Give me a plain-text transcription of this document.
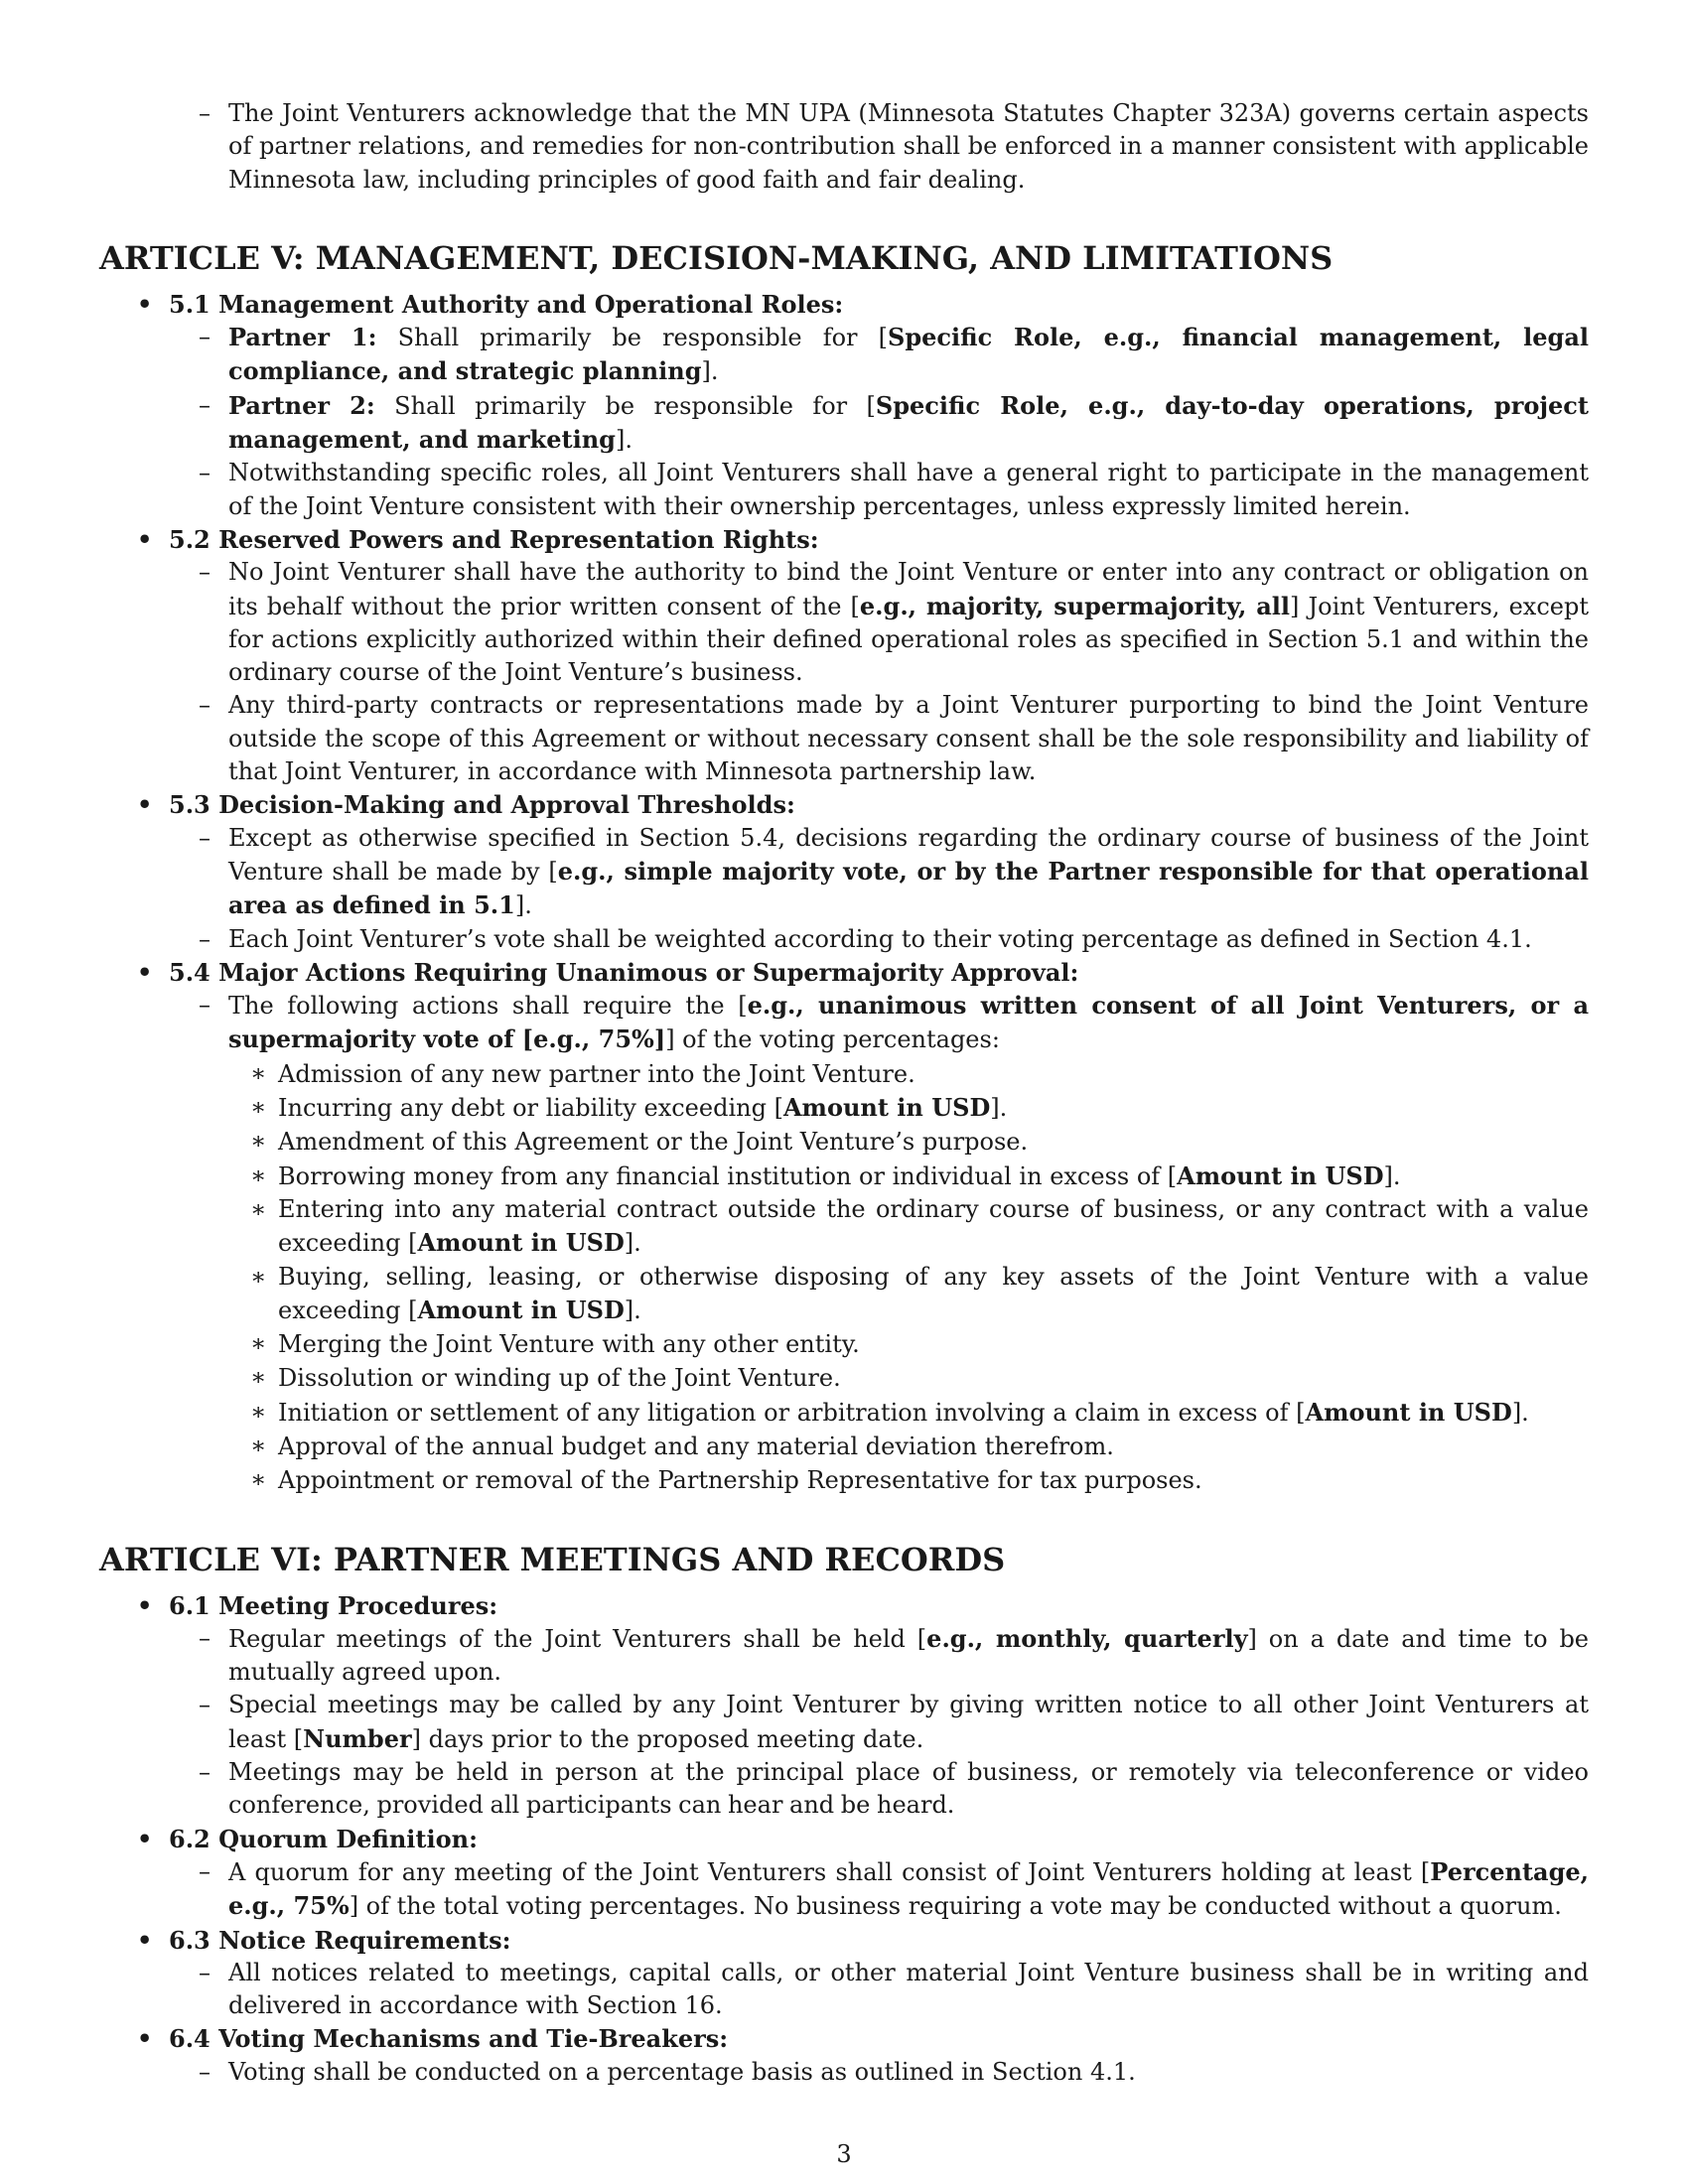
– The Joint Venturers acknowledge that the MN UPA (Minnesota Statutes Chapter 323A) governs certain aspects of partner relations, and remedies for non-contribution shall be enforced in a manner consistent with applicable Minnesota law, including principles of good faith and fair dealing.
ARTICLE V: MANAGEMENT, DECISION-MAKING, AND LIMITATIONS
• 5.1 Management Authority and Operational Roles:
– Partner 1: Shall primarily be responsible for [Specific Role, e.g., financial management, legal compliance, and strategic planning].
– Partner 2: Shall primarily be responsible for [Specific Role, e.g., day-to-day operations, project management, and marketing].
– Notwithstanding specific roles, all Joint Venturers shall have a general right to participate in the management of the Joint Venture consistent with their ownership percentages, unless expressly limited herein.
• 5.2 Reserved Powers and Representation Rights:
– No Joint Venturer shall have the authority to bind the Joint Venture or enter into any contract or obligation on its behalf without the prior written consent of the [e.g., majority, supermajority, all] Joint Venturers, except for actions explicitly authorized within their defined operational roles as specified in Section 5.1 and within the ordinary course of the Joint Venture’s business.
– Any third-party contracts or representations made by a Joint Venturer purporting to bind the Joint Venture outside the scope of this Agreement or without necessary consent shall be the sole responsibility and liability of that Joint Venturer, in accordance with Minnesota partnership law.
• 5.3 Decision-Making and Approval Thresholds:
– Except as otherwise specified in Section 5.4, decisions regarding the ordinary course of business of the Joint Venture shall be made by [e.g., simple majority vote, or by the Partner responsible for that operational area as defined in 5.1].
– Each Joint Venturer’s vote shall be weighted according to their voting percentage as defined in Section 4.1.
• 5.4 Major Actions Requiring Unanimous or Supermajority Approval:
– The following actions shall require the [e.g., unanimous written consent of all Joint Venturers, or a supermajority vote of [e.g., 75%]] of the voting percentages:
∗ Admission of any new partner into the Joint Venture.
∗ Incurring any debt or liability exceeding [Amount in USD].
∗ Amendment of this Agreement or the Joint Venture’s purpose.
∗ Borrowing money from any financial institution or individual in excess of [Amount in USD].
∗ Entering into any material contract outside the ordinary course of business, or any contract with a value exceeding [Amount in USD].
∗ Buying, selling, leasing, or otherwise disposing of any key assets of the Joint Venture with a value exceeding [Amount in USD].
∗ Merging the Joint Venture with any other entity.
∗ Dissolution or winding up of the Joint Venture.
∗ Initiation or settlement of any litigation or arbitration involving a claim in excess of [Amount in USD].
∗ Approval of the annual budget and any material deviation therefrom.
∗ Appointment or removal of the Partnership Representative for tax purposes.
ARTICLE VI: PARTNER MEETINGS AND RECORDS
• 6.1 Meeting Procedures:
– Regular meetings of the Joint Venturers shall be held [e.g., monthly, quarterly] on a date and time to be mutually agreed upon.
– Special meetings may be called by any Joint Venturer by giving written notice to all other Joint Venturers at least [Number] days prior to the proposed meeting date.
– Meetings may be held in person at the principal place of business, or remotely via teleconference or video conference, provided all participants can hear and be heard.
• 6.2 Quorum Definition:
– A quorum for any meeting of the Joint Venturers shall consist of Joint Venturers holding at least [Percentage, e.g., 75%] of the total voting percentages. No business requiring a vote may be conducted without a quorum.
• 6.3 Notice Requirements:
– All notices related to meetings, capital calls, or other material Joint Venture business shall be in writing and delivered in accordance with Section 16.
• 6.4 Voting Mechanisms and Tie-Breakers:
– Voting shall be conducted on a percentage basis as outlined in Section 4.1.
3
